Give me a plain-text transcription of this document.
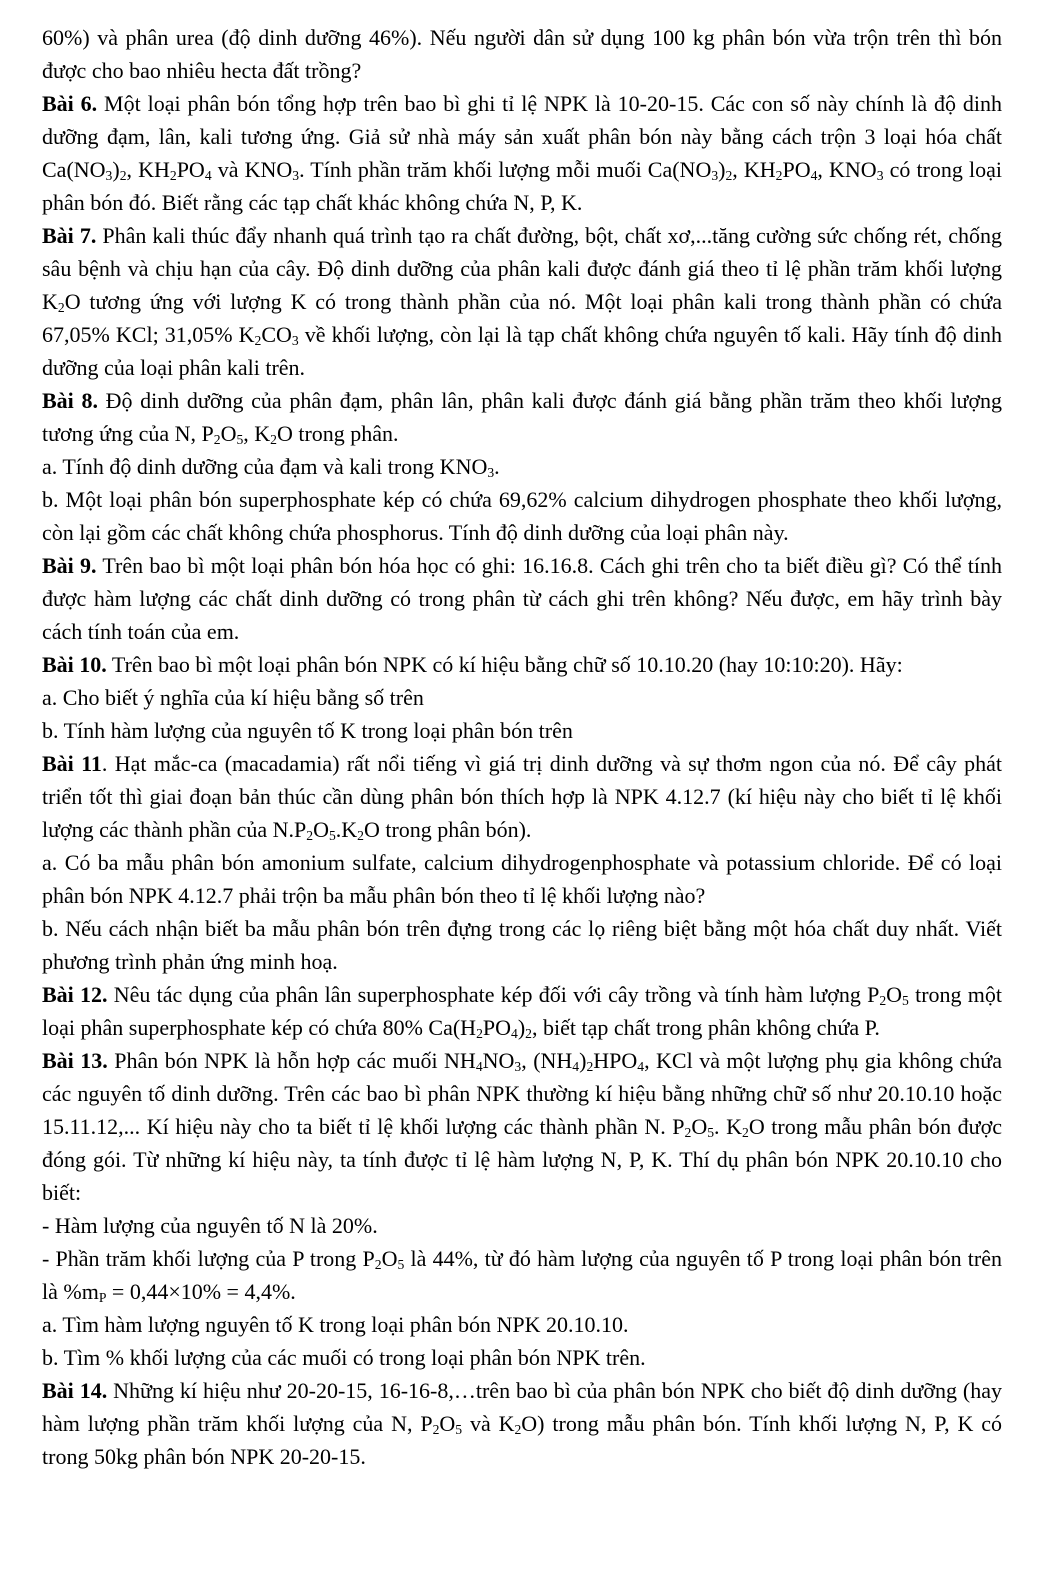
60%) và phân urea (độ dinh dưỡng 46%). Nếu người dân sử dụng 100 kg phân bón vừa trộn trên thì bón được cho bao nhiêu hecta đất trồng?

Bài 6. Một loại phân bón tổng hợp trên bao bì ghi tỉ lệ NPK là 10-20-15. Các con số này chính là độ dinh dưỡng đạm, lân, kali tương ứng. Giả sử nhà máy sản xuất phân bón này bằng cách trộn 3 loại hóa chất $Ca(NO_3)_2$, $KH_2PO_4$ và $KNO_3$. Tính phần trăm khối lượng mỗi muối $Ca(NO_3)_2$, $KH_2PO_4$, $KNO_3$ có trong loại phân bón đó. Biết rằng các tạp chất khác không chứa N, P, K.

Bài 7. Phân kali thúc đẩy nhanh quá trình tạo ra chất đường, bột, chất xơ,...tăng cường sức chống rét, chống sâu bệnh và chịu hạn của cây. Độ dinh dưỡng của phân kali được đánh giá theo tỉ lệ phần trăm khối lượng $K_2O$ tương ứng với lượng K có trong thành phần của nó. Một loại phân kali trong thành phần có chứa 67,05% KCl; 31,05% $K_2CO_3$ về khối lượng, còn lại là tạp chất không chứa nguyên tố kali. Hãy tính độ dinh dưỡng của loại phân kali trên.

Bài 8. Độ dinh dưỡng của phân đạm, phân lân, phân kali được đánh giá bằng phần trăm theo khối lượng tương ứng của N, $P_2O_5$, $K_2O$ trong phân.

a. Tính độ dinh dưỡng của đạm và kali trong $KNO_3$.

b. Một loại phân bón superphosphate kép có chứa 69,62% calcium dihydrogen phosphate theo khối lượng, còn lại gồm các chất không chứa phosphorus. Tính độ dinh dưỡng của loại phân này.

Bài 9. Trên bao bì một loại phân bón hóa học có ghi: 16.16.8. Cách ghi trên cho ta biết điều gì? Có thể tính được hàm lượng các chất dinh dưỡng có trong phân từ cách ghi trên không? Nếu được, em hãy trình bày cách tính toán của em.

Bài 10. Trên bao bì một loại phân bón NPK có kí hiệu bằng chữ số 10.10.20 (hay 10:10:20). Hãy:

a. Cho biết ý nghĩa của kí hiệu bằng số trên

b. Tính hàm lượng của nguyên tố K trong loại phân bón trên

Bài 11. Hạt mắc-ca (macadamia) rất nổi tiếng vì giá trị dinh dưỡng và sự thơm ngon của nó. Để cây phát triển tốt thì giai đoạn bản thúc cần dùng phân bón thích hợp là NPK 4.12.7 (kí hiệu này cho biết tỉ lệ khối lượng các thành phần của $N.P_2O_5.K_2O$ trong phân bón).

a. Có ba mẫu phân bón amonium sulfate, calcium dihydrogenphosphate và potassium chloride. Để có loại phân bón NPK 4.12.7 phải trộn ba mẫu phân bón theo tỉ lệ khối lượng nào?

b. Nếu cách nhận biết ba mẫu phân bón trên đựng trong các lọ riêng biệt bằng một hóa chất duy nhất. Viết phương trình phản ứng minh hoạ.

Bài 12. Nêu tác dụng của phân lân superphosphate kép đối với cây trồng và tính hàm lượng $P_2O_5$ trong một loại phân superphosphate kép có chứa 80% $Ca(H_2PO_4)_2$, biết tạp chất trong phân không chứa P.

Bài 13. Phân bón NPK là hỗn hợp các muối $NH_4NO_3$, $(NH_4)_2HPO_4$, KCl và một lượng phụ gia không chứa các nguyên tố dinh dưỡng. Trên các bao bì phân NPK thường kí hiệu bằng những chữ số như 20.10.10 hoặc 15.11.12,... Kí hiệu này cho ta biết tỉ lệ khối lượng các thành phần N. $P_2O_5$. $K_2O$ trong mẫu phân bón được đóng gói. Từ những kí hiệu này, ta tính được tỉ lệ hàm lượng N, P, K. Thí dụ phân bón NPK 20.10.10 cho biết:

- Hàm lượng của nguyên tố N là 20%.

- Phần trăm khối lượng của P trong $P_2O_5$ là 44%, từ đó hàm lượng của nguyên tố P trong loại phân bón trên là $\%m_P = 0,44\times 10\% = 4,4\%$.

a. Tìm hàm lượng nguyên tố K trong loại phân bón NPK 20.10.10.

b. Tìm % khối lượng của các muối có trong loại phân bón NPK trên.

Bài 14. Những kí hiệu như 20-20-15, 16-16-8,…trên bao bì của phân bón NPK cho biết độ dinh dưỡng (hay hàm lượng phần trăm khối lượng của N, $P_2O_5$ và $K_2O$) trong mẫu phân bón. Tính khối lượng N, P, K có trong 50kg phân bón NPK 20-20-15.
